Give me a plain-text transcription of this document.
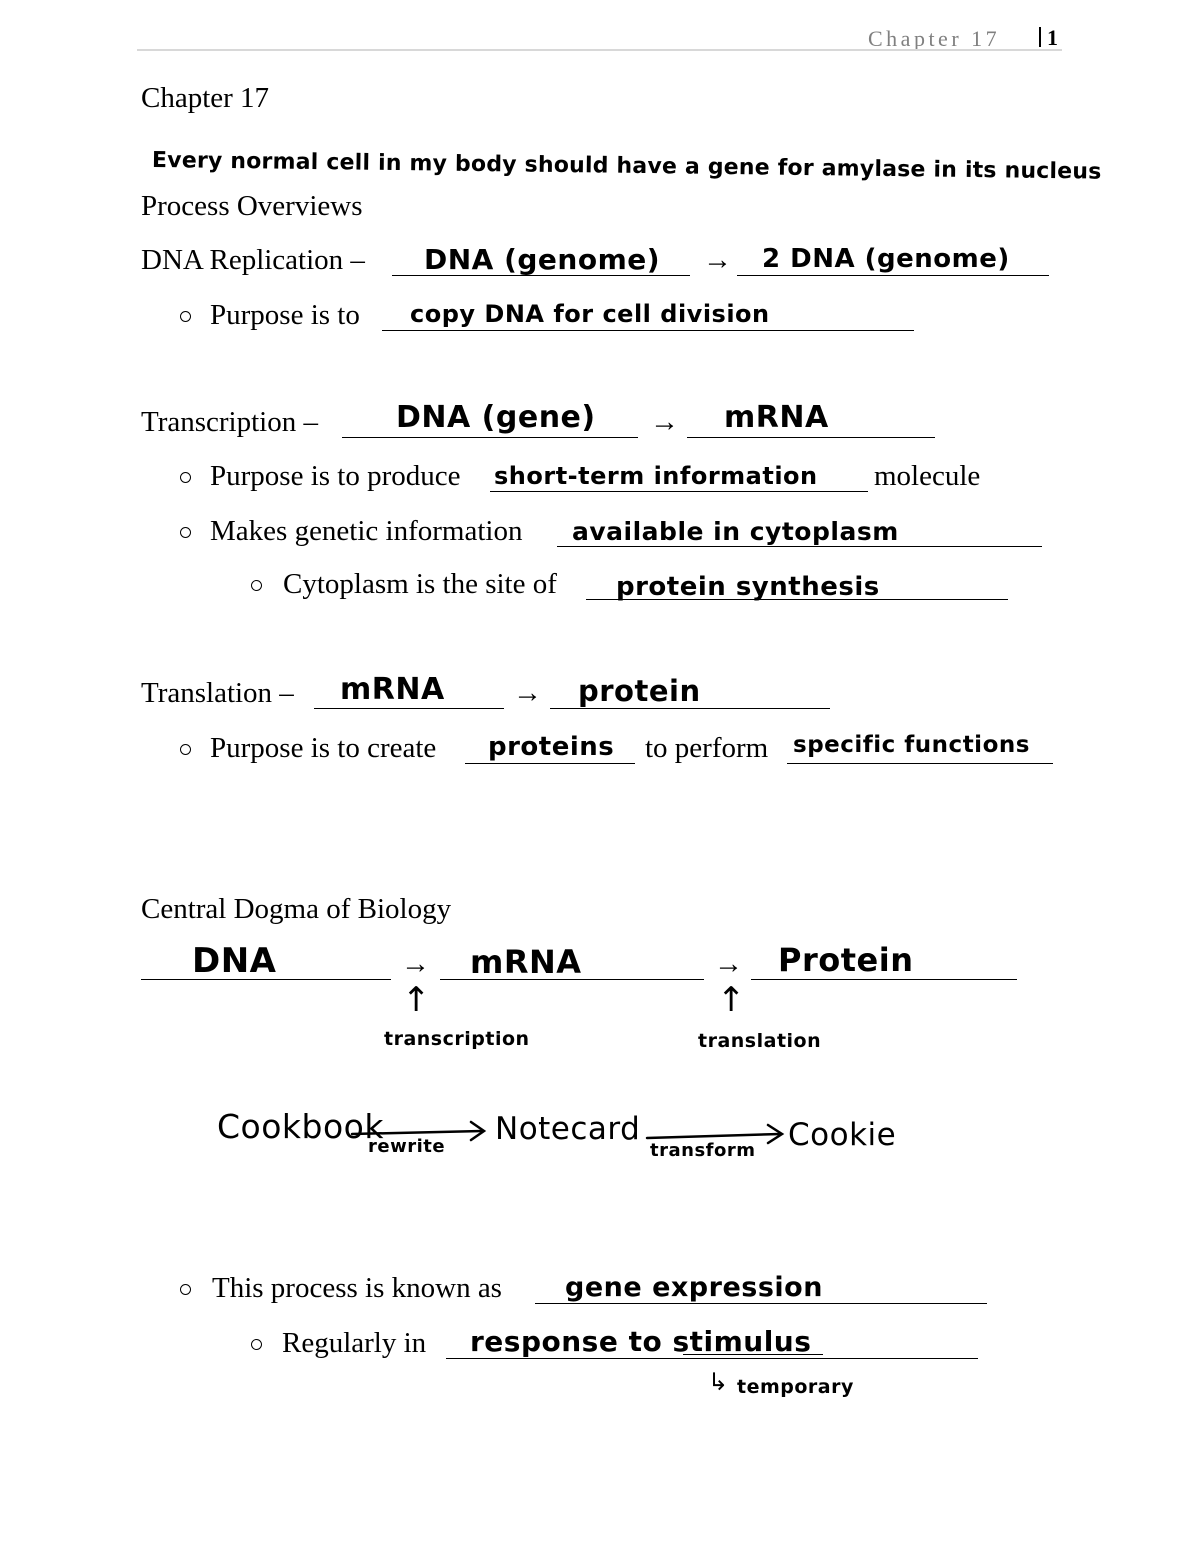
Chapter 17 1
Chapter 17
Every normal cell in my body should have a gene for amylase in its nucleus
Process Overviews
DNA Replication – DNA (genome) → 2 DNA (genome)
Purpose is to copy DNA for cell division
Transcription –	DNA (gene) → mRNA
Purpose is to produce short-term information molecule
Makes genetic information available in cytoplasm
Cytoplasm is the site of protein synthesis
Translation – mRNA → protein
Purpose is to create proteins to perform specific functions
Central Dogma of Biology
DNA	→ mRNA	→ Protein
↑
transcription
↑
translation
Cookbook
rewrite Notecard
transform Cookie
This process is known as gene expression
Regularly in response to stimulus
↳ temporary
